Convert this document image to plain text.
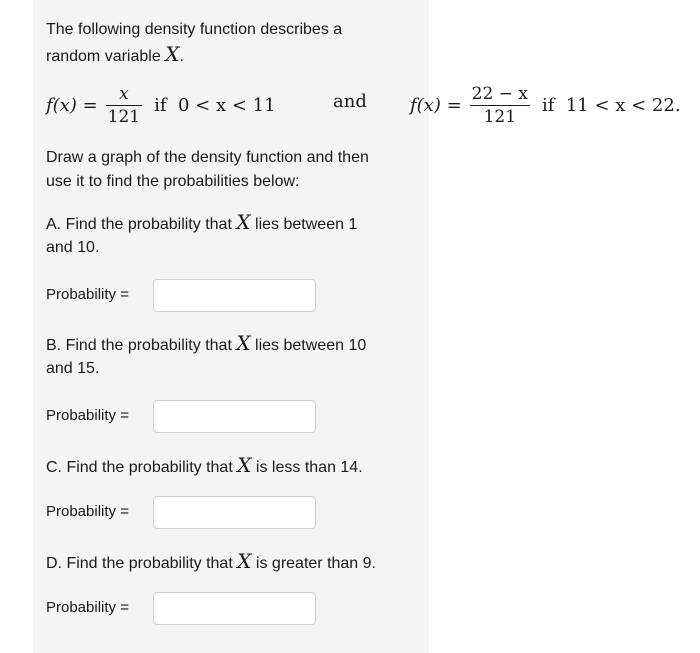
The following density function describes a
random variable X.
$f(x) = \frac{x}{121}$ if  0 < x < 11	and $f(x) = \frac{22 - x}{121}$ if  11 < x < 22.
Draw a graph of the density function and then
use it to find the probabilities below:
A. Find the probability that X lies between 1
and 10.
Probability =
B. Find the probability that X lies between 10
and 15.
Probability =
C. Find the probability that X is less than 14.
Probability =
D. Find the probability that X is greater than 9.
Probability =
